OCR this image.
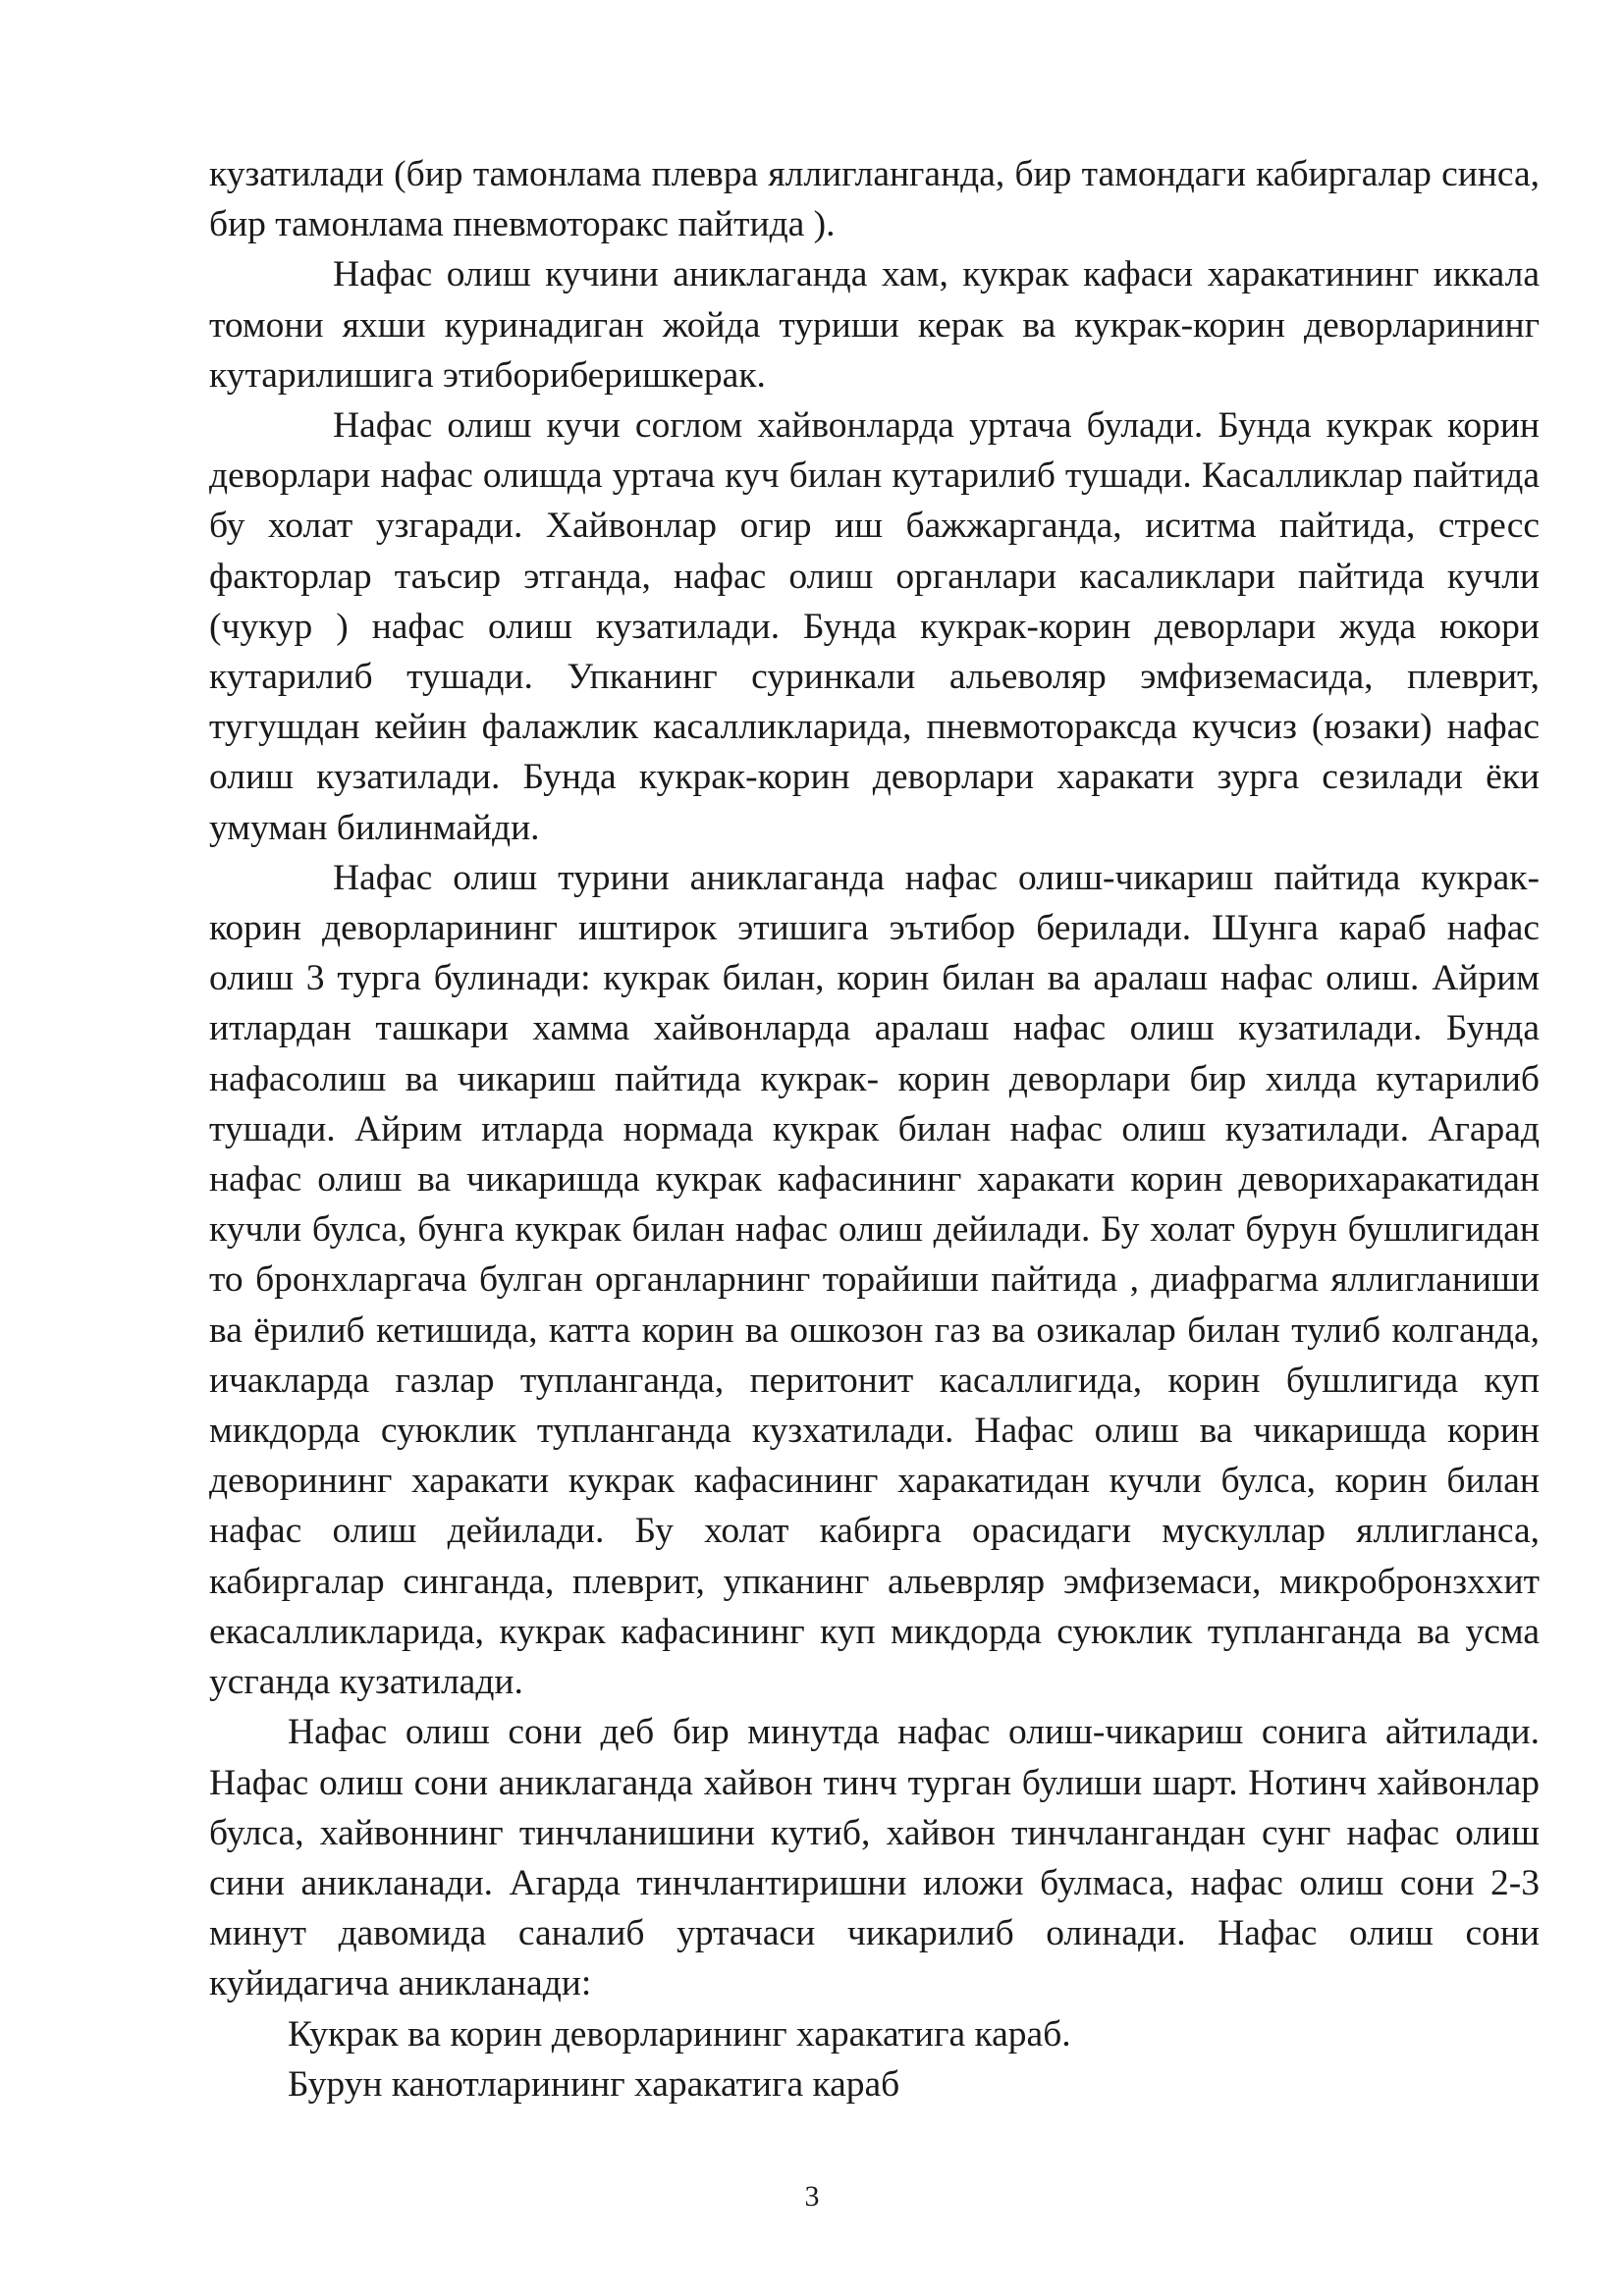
кузатилади (бир тамонлама плевра яллигланганда, бир тамондаги кабиргалар синса, бир тамонлама пневмоторакс пайтида ).

Нафас олиш кучини аниклаганда хам, кукрак кафаси харакатининг иккала томони яхши куринадиган жойда туриши керак ва кукрак-корин деворларининг кутарилишига этибориберишкерак.

Нафас олиш кучи соглом хайвонларда уртача булади. Бунда кукрак корин деворлари нафас олишда уртача куч билан кутарилиб тушади. Касалликлар пайтида бу холат узгаради. Хайвонлар огир иш бажжарганда, иситма пайтида, стресс факторлар таъсир этганда, нафас олиш органлари касаликлари пайтида кучли (чукур ) нафас олиш кузатилади. Бунда кукрак-корин деворлари жуда юкори кутарилиб тушади. Упканинг суринкали альеволяр эмфиземасида, плеврит, тугушдан кейин фалажлик касалликларида, пневмотораксда кучсиз (юзаки) нафас олиш кузатилади. Бунда кукрак-корин деворлари харакати зурга сезилади ёки умуман билинмайди.

Нафас олиш турини аниклаганда нафас олиш-чикариш пайтида кукрак-корин деворларининг иштирок этишига эътибор берилади. Шунга караб нафас олиш 3 турга булинади: кукрак билан, корин билан ва аралаш нафас олиш. Айрим итлардан ташкари хамма хайвонларда аралаш нафас олиш кузатилади. Бунда нафасолиш ва чикариш пайтида кукрак- корин деворлари бир хилда кутарилиб тушади. Айрим итларда нормада кукрак билан нафас олиш кузатилади. Агарад нафас олиш ва чикаришда кукрак кафасининг харакати корин деворихаракатидан кучли булса, бунга кукрак билан нафас олиш дейилади. Бу холат бурун бушлигидан то бронхларгача булган органларнинг торайиши пайтида , диафрагма яллигланиши ва ёрилиб кетишида, катта корин ва ошкозон газ ва озикалар билан тулиб колганда, ичакларда газлар тупланганда, перитонит касаллигида, корин бушлигида куп микдорда суюклик тупланганда кузхатилади. Нафас олиш ва чикаришда корин деворининг харакати кукрак кафасининг харакатидан кучли булса, корин билан нафас олиш дейилади. Бу холат кабирга орасидаги мускуллар яллигланса, кабиргалар синганда, плеврит, упканинг альеврляр эмфиземаси, микробронзхxит екасалликларида, кукрак кафасининг куп микдорда суюклик тупланганда ва усма усганда кузатилади.

Нафас олиш сони деб бир минутда нафас олиш-чикариш сонига айтилади. Нафас олиш сони аниклаганда хайвон тинч турган булиши шарт. Нотинч хайвонлар булса, хайвоннинг тинчланишини кутиб, хайвон тинчлангандан сунг нафас олиш сини аникланади. Агарда тинчлантиришни иложи булмаса, нафас олиш сони 2-3 минут давомида саналиб уртачаси чикарилиб олинади. Нафас олиш сони куйидагича аникланади:

Кукрак ва корин деворларининг харакатига караб.

Бурун канотларининг харакатига караб

3
